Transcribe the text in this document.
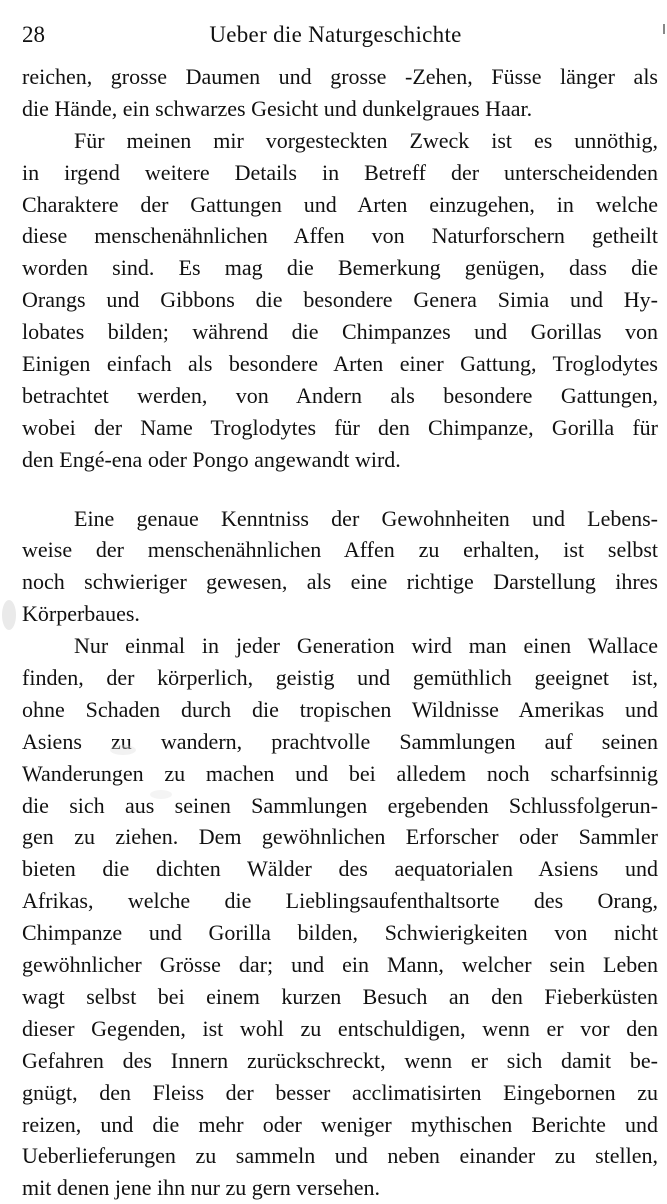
28	Ueber die Naturgeschichte
reichen, grosse Daumen und grosse -Zehen, Füsse länger als
die Hände, ein schwarzes Gesicht und dunkelgraues Haar.
Für meinen mir vorgesteckten Zweck ist es unnöthig,
in irgend weitere Details in Betreff der unterscheidenden
Charaktere der Gattungen und Arten einzugehen, in welche
diese menschenähnlichen Affen von Naturforschern getheilt
worden sind. Es mag die Bemerkung genügen, dass die
Orangs und Gibbons die besondere Genera Simia und Hy-
lobates bilden; während die Chimpanzes und Gorillas von
Einigen einfach als besondere Arten einer Gattung, Troglodytes
betrachtet werden, von Andern als besondere Gattungen,
wobei der Name Troglodytes für den Chimpanze, Gorilla für
den Engé-ena oder Pongo angewandt wird.
Eine genaue Kenntniss der Gewohnheiten und Lebens-
weise der menschenähnlichen Affen zu erhalten, ist selbst
noch schwieriger gewesen, als eine richtige Darstellung ihres
Körperbaues.
Nur einmal in jeder Generation wird man einen Wallace
finden, der körperlich, geistig und gemüthlich geeignet ist,
ohne Schaden durch die tropischen Wildnisse Amerikas und
Asiens zu wandern, prachtvolle Sammlungen auf seinen
Wanderungen zu machen und bei alledem noch scharfsinnig
die sich aus seinen Sammlungen ergebenden Schlussfolgerun-
gen zu ziehen. Dem gewöhnlichen Erforscher oder Sammler
bieten die dichten Wälder des aequatorialen Asiens und
Afrikas, welche die Lieblingsaufenthaltsorte des Orang,
Chimpanze und Gorilla bilden, Schwierigkeiten von nicht
gewöhnlicher Grösse dar; und ein Mann, welcher sein Leben
wagt selbst bei einem kurzen Besuch an den Fieberküsten
dieser Gegenden, ist wohl zu entschuldigen, wenn er vor den
Gefahren des Innern zurückschreckt, wenn er sich damit be-
gnügt, den Fleiss der besser acclimatisirten Eingebornen zu
reizen, und die mehr oder weniger mythischen Berichte und
Ueberlieferungen zu sammeln und neben einander zu stellen,
mit denen jene ihn nur zu gern versehen.
